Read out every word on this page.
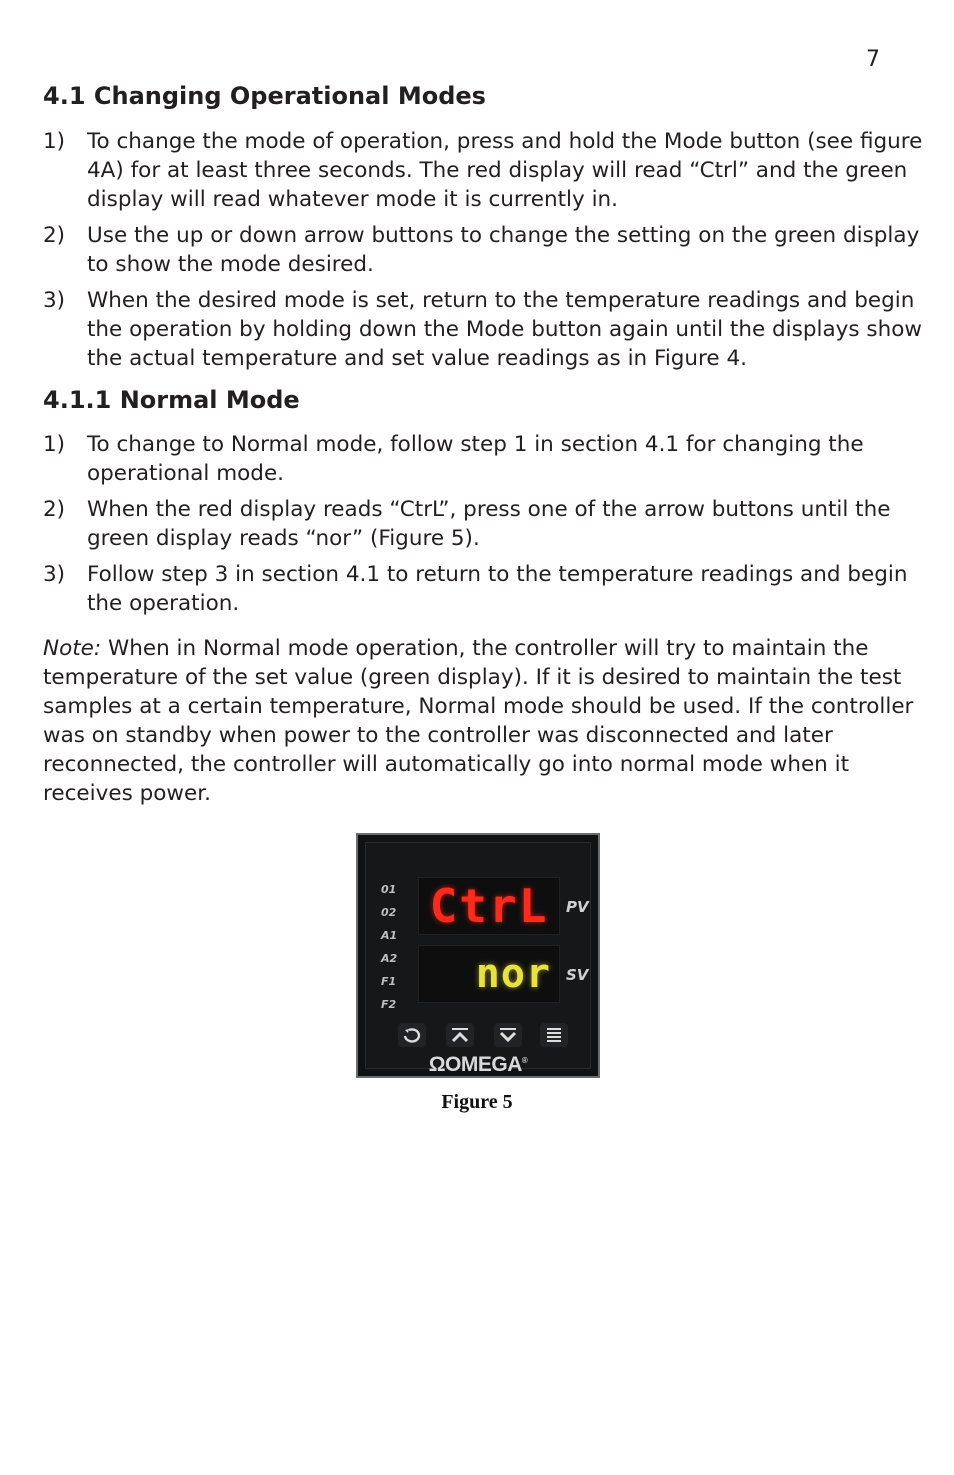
7
4.1 Changing Operational Modes
1) To change the mode of operation, press and hold the Mode button (see figure 4A) for at least three seconds. The red display will read “Ctrl” and the green display will read whatever mode it is currently in.
2) Use the up or down arrow buttons to change the setting on the green display to show the mode desired.
3) When the desired mode is set, return to the temperature readings and begin the operation by holding down the Mode button again until the displays show the actual temperature and set value readings as in Figure 4.
4.1.1 Normal Mode
1) To change to Normal mode, follow step 1 in section 4.1 for changing the operational mode.
2) When the red display reads “CtrL”, press one of the arrow buttons until the green display reads “nor” (Figure 5).
3) Follow step 3 in section 4.1 to return to the temperature readings and begin the operation.

Note: When in Normal mode operation, the controller will try to maintain the temperature of the set value (green display). If it is desired to maintain the test samples at a certain temperature, Normal mode should be used. If the controller was on standby when power to the controller was disconnected and later reconnected, the controller will automatically go into normal mode when it receives power.

01
02
A1
A2
F1
F2
CtrL
nor
PV
SV
ΩOMEGA®
Figure 5
